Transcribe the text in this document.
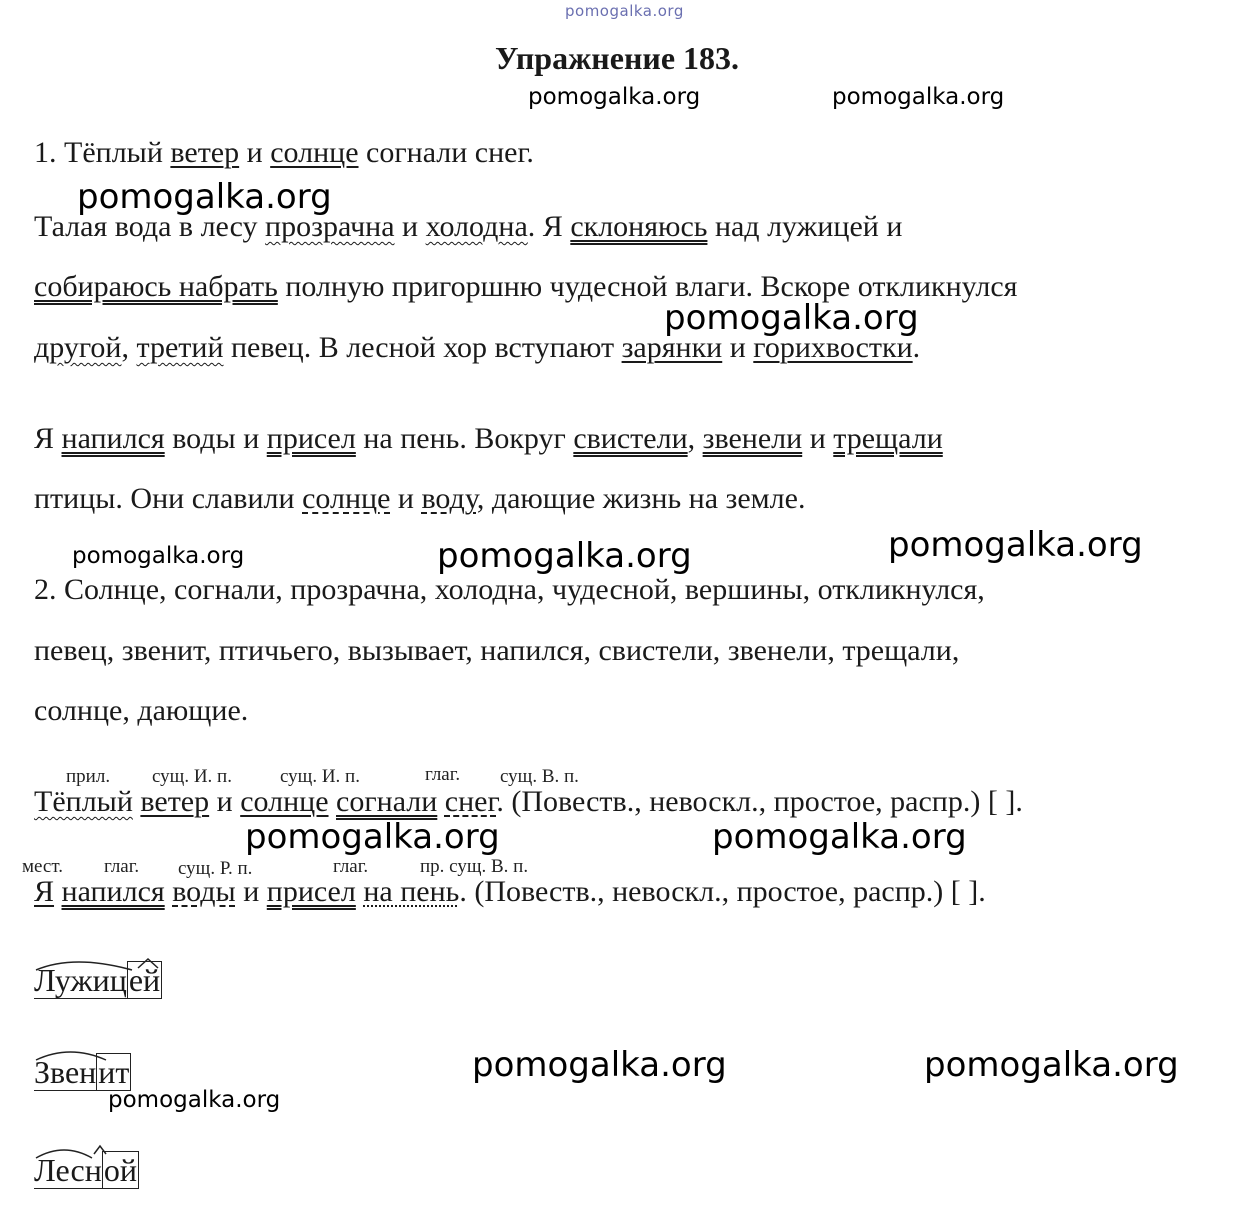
pomogalka.org
pomogalka.org	pomogalka.org
pomogalka.org
pomogalka.org
pomogalka.org	pomogalka.org	pomogalka.org
pomogalka.org	pomogalka.org
pomogalka.org	pomogalka.org
pomogalka.org
Упражнение 183.
1. Тёплый ветер и солнце согнали снег.
Талая вода в лесу прозрачна и холодна. Я склоняюсь над лужицей и
собираюсь набрать полную пригоршню чудесной влаги. Вскоре откликнулся
другой, третий певец. В лесной хор вступают зарянки и горихвостки.
Я напился воды и присел на пень. Вокруг свистели, звенели и трещали
птицы. Они славили солнце и воду, дающие жизнь на земле.
2. Солнце, согнали, прозрачна, холодна, чудесной, вершины, откликнулся,
певец, звенит, птичьего, вызывает, напился, свистели, звенели, трещали,
солнце, дающие.
прил. сущ. И. п.	сущ. И. п.	глаг. сущ. В. п.
Тёплый ветер и солнце согнали снег. (Повеств., невоскл., простое, распр.) [ ].
мест. глаг. сущ. Р. п.	глаг.	пр. сущ. В. п.
Я напился воды и присел на пень. (Повеств., невоскл., простое, распр.) [ ].
Лужицей
Звенит
Лесной
